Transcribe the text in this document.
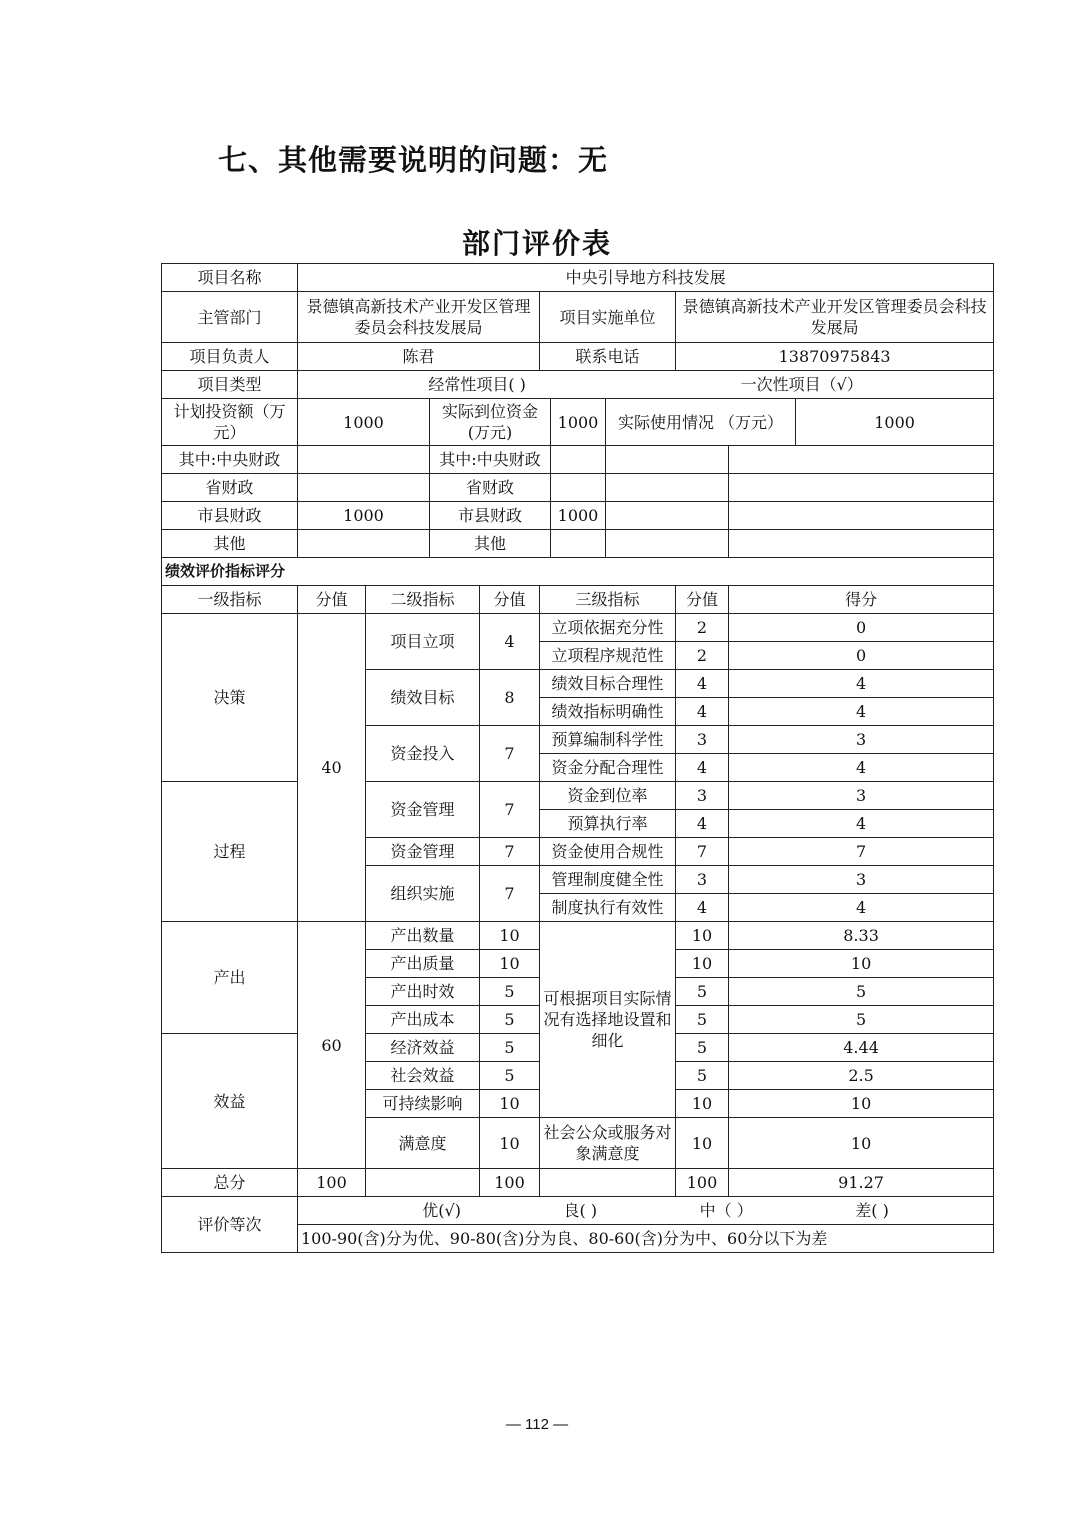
七、其他需要说明的问题：无
部门评价表
项目名称	中央引导地方科技发展									
主管部门	景德镇高新技术产业开发区管理委员会科技发展局				项目实施单位			景德镇高新技术产业开发区管理委员会科技发展局		
项目负责人	陈君				联系电话			13870975843		
项目类型	经常性项目( ) 一次性项目（√）									

计划投资额（万元）	1000		实际到位资金(万元)			1000	实际使用情况 （万元）			1000
其中:中央财政			其中:中央财政							
省财政			省财政							
市县财政	1000		市县财政			1000				
其他			其他							
绩效评价指标评分										
一级指标	分值	二级指标		分值	三级指标			分值	得分	
决策	40	项目立项		4	立项依据充分性			2	0	
					立项程序规范性			2	0	
		绩效目标		8	绩效目标合理性			4	4	
					绩效指标明确性			4	4	
		资金投入		7	预算编制科学性			3	3	
					资金分配合理性			4	4	
过程		资金管理		7	资金到位率			3	3	
					预算执行率			4	4	
		资金管理		7	资金使用合规性			7	7	
		组织实施		7	管理制度健全性			3	3	
					制度执行有效性			4	4	
产出	60	产出数量		10	可根据项目实际情况有选择地设置和细化			10	8.33	
		产出质量		10				10	10	
		产出时效		5				5	5	
		产出成本		5				5	5	
效益		经济效益		5				5	4.44	
		社会效益		5				5	2.5	
		可持续影响		10				10	10	
		满意度		10	社会公众或服务对象满意度			10	10	
总分	100			100				100	91.27	
评价等次	优(√) 良( ) 中（ ） 差( )									

	100-90(含)分为优、90-80(含)分为良、80-60(含)分为中、60分以下为差									
— 112 —
